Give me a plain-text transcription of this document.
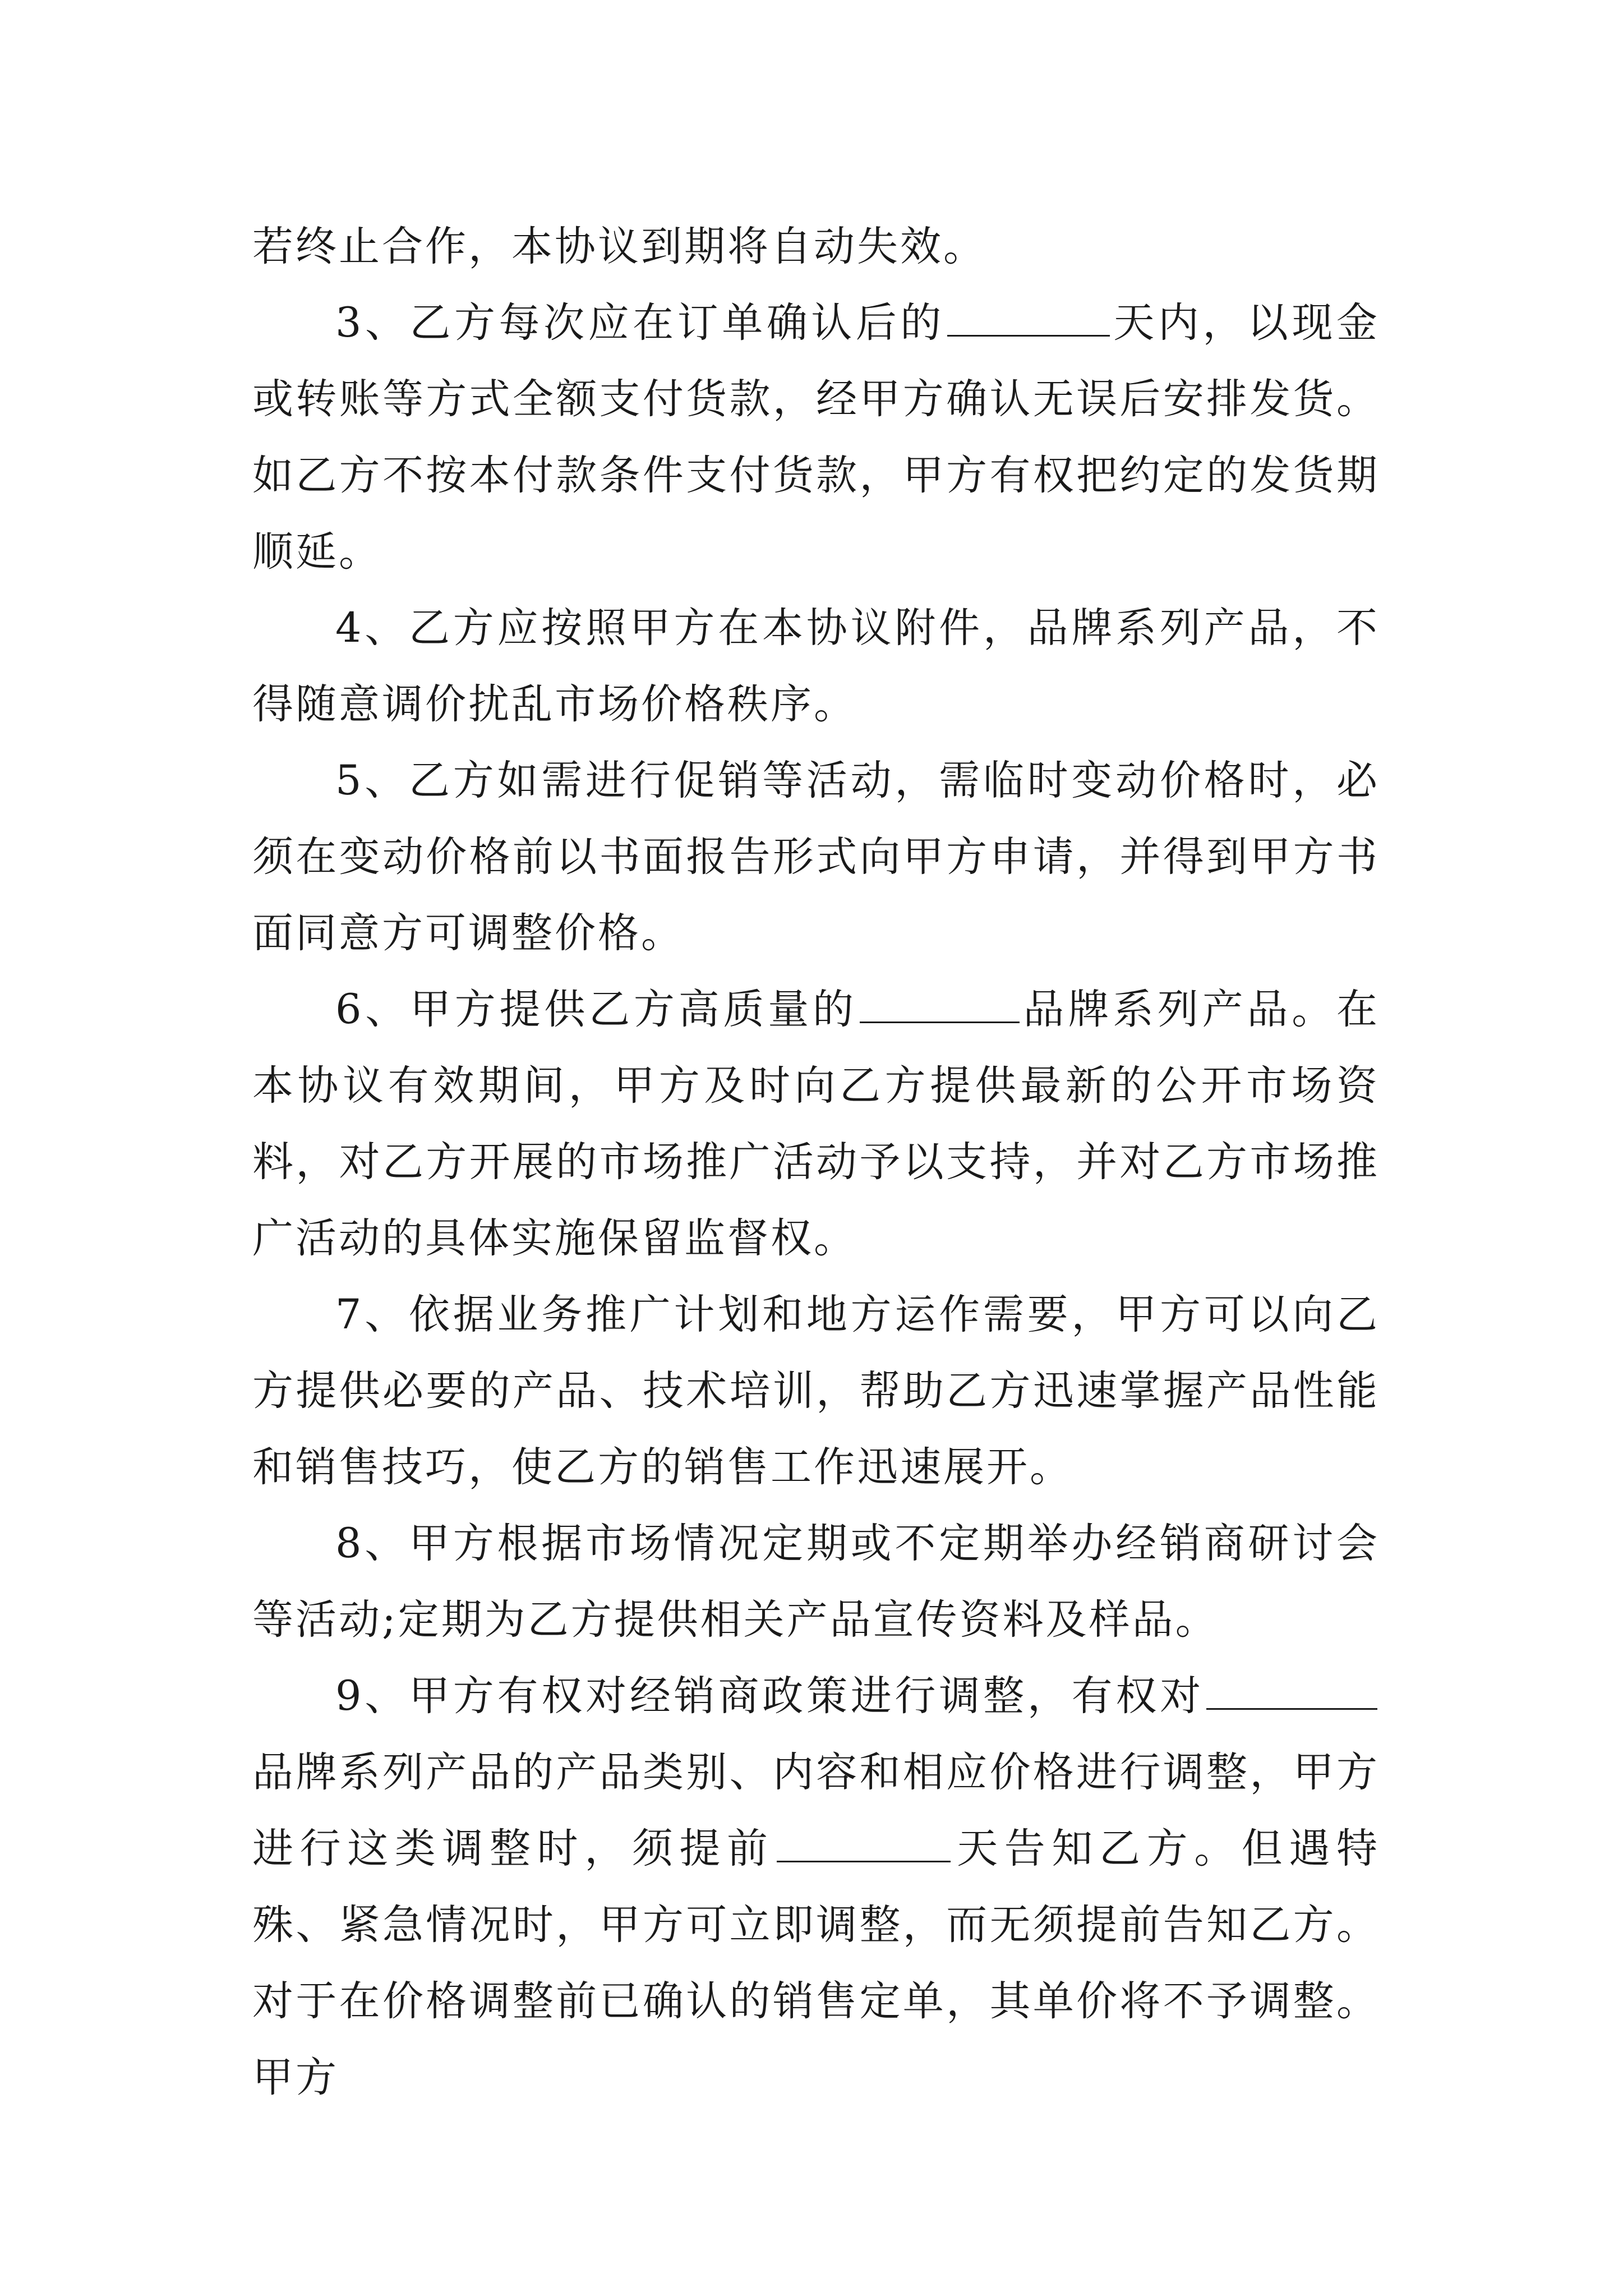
若终止合作，本协议到期将自动失效。

3、乙方每次应在订单确认后的	天内，以现金或转账等方式全额支付货款，经甲方确认无误后安排发货。如乙方不按本付款条件支付货款，甲方有权把约定的发货期顺延。

4、乙方应按照甲方在本协议附件，品牌系列产品，不得随意调价扰乱市场价格秩序。

5、乙方如需进行促销等活动，需临时变动价格时，必须在变动价格前以书面报告形式向甲方申请，并得到甲方书面同意方可调整价格。

6、甲方提供乙方高质量的	品牌系列产品。在本协议有效期间，甲方及时向乙方提供最新的公开市场资料，对乙方开展的市场推广活动予以支持，并对乙方市场推广活动的具体实施保留监督权。

7、依据业务推广计划和地方运作需要，甲方可以向乙方提供必要的产品、技术培训，帮助乙方迅速掌握产品性能和销售技巧，使乙方的销售工作迅速展开。

8、甲方根据市场情况定期或不定期举办经销商研讨会等活动;定期为乙方提供相关产品宣传资料及样品。

9、甲方有权对经销商政策进行调整，有权对品牌系列产品的产品类别、内容和相应价格进行调整，甲方进行这类调整时，须提前	天告知乙方。但遇特殊、紧急情况时，甲方可立即调整，而无须提前告知乙方。对于在价格调整前已确认的销售定单，其单价将不予调整。甲方
